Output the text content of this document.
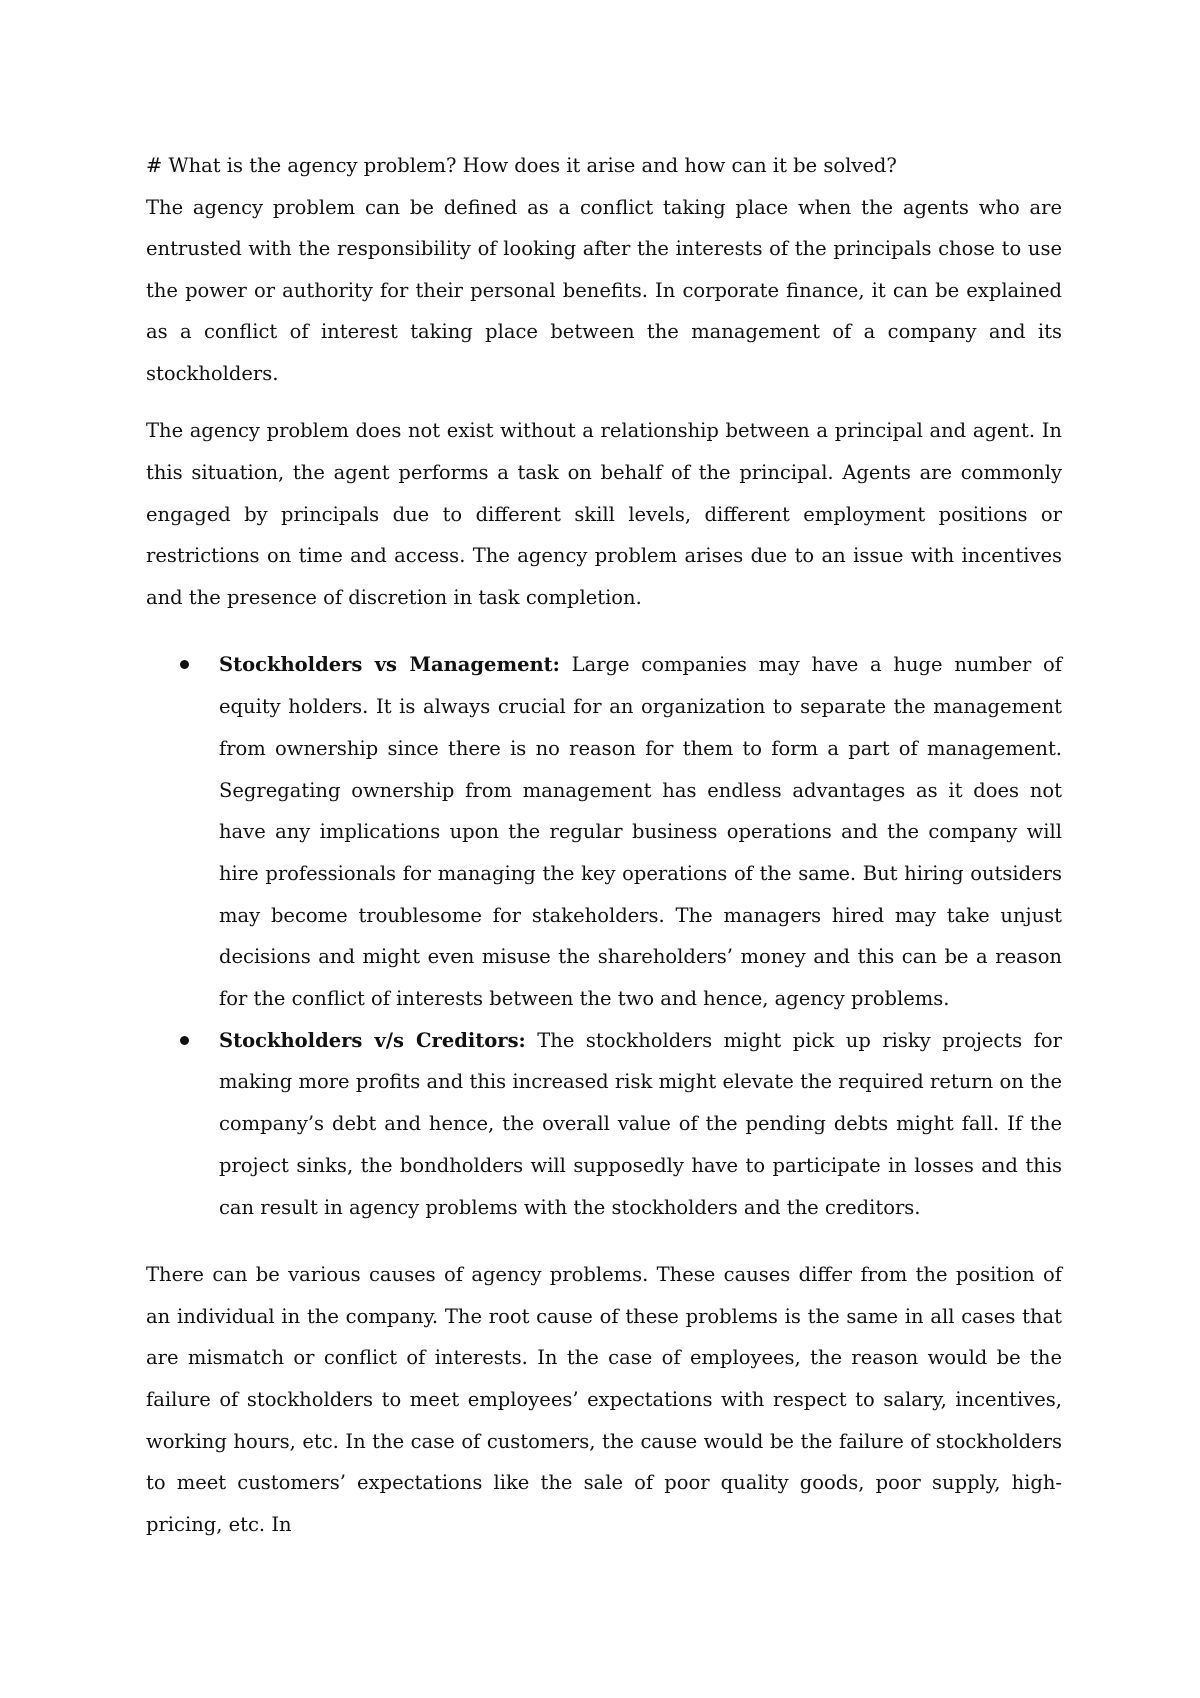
# What is the agency problem? How does it arise and how can it be solved?

The agency problem can be defined as a conflict taking place when the agents who are entrusted with the responsibility of looking after the interests of the principals chose to use the power or authority for their personal benefits. In corporate finance, it can be explained as a conflict of interest taking place between the management of a company and its stockholders.

The agency problem does not exist without a relationship between a principal and agent. In this situation, the agent performs a task on behalf of the principal. Agents are commonly engaged by principals due to different skill levels, different employment positions or restrictions on time and access. The agency problem arises due to an issue with incentives and the presence of discretion in task completion.

Stockholders vs Management: Large companies may have a huge number of equity holders. It is always crucial for an organization to separate the management from ownership since there is no reason for them to form a part of management. Segregating ownership from management has endless advantages as it does not have any implications upon the regular business operations and the company will hire professionals for managing the key operations of the same. But hiring outsiders may become troublesome for stakeholders. The managers hired may take unjust decisions and might even misuse the shareholders’ money and this can be a reason for the conflict of interests between the two and hence, agency problems.
Stockholders v/s Creditors: The stockholders might pick up risky projects for making more profits and this increased risk might elevate the required return on the company’s debt and hence, the overall value of the pending debts might fall. If the project sinks, the bondholders will supposedly have to participate in losses and this can result in agency problems with the stockholders and the creditors.

There can be various causes of agency problems. These causes differ from the position of an individual in the company. The root cause of these problems is the same in all cases that are mismatch or conflict of interests. In the case of employees, the reason would be the failure of stockholders to meet employees’ expectations with respect to salary, incentives, working hours, etc. In the case of customers, the cause would be the failure of stockholders to meet customers’ expectations like the sale of poor quality goods, poor supply, high-pricing, etc. In
